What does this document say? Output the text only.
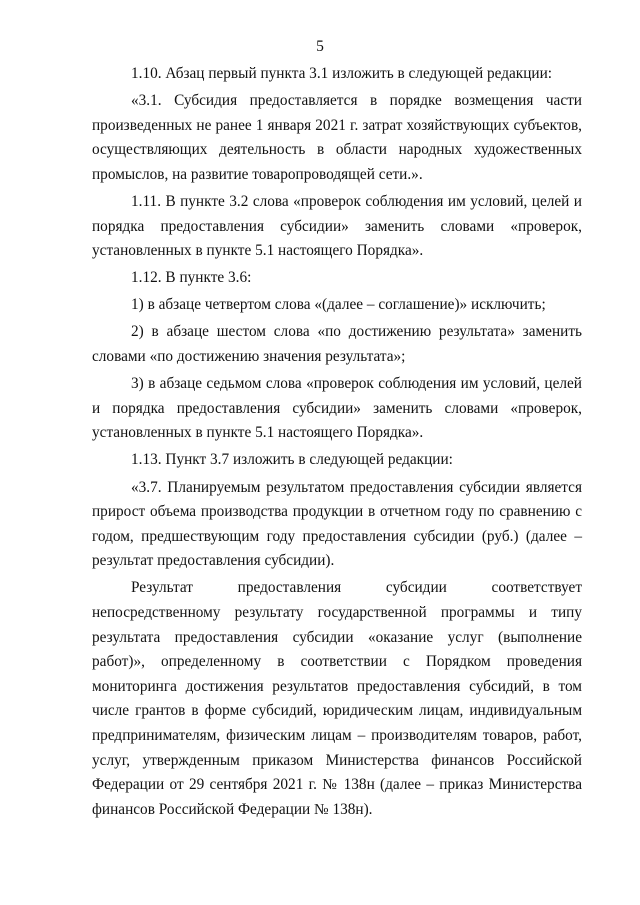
5

1.10. Абзац первый пункта 3.1 изложить в следующей редакции:

«3.1. Субсидия предоставляется в порядке возмещения части произведенных не ранее 1 января 2021 г. затрат хозяйствующих субъектов, осуществляющих деятельность в области народных художественных промыслов, на развитие товаропроводящей сети.».

1.11. В пункте 3.2 слова «проверок соблюдения им условий, целей и порядка предоставления субсидии» заменить словами «проверок, установленных в пункте 5.1 настоящего Порядка».

1.12. В пункте 3.6:

1) в абзаце четвертом слова «(далее – соглашение)» исключить;

2) в абзаце шестом слова «по достижению результата» заменить словами «по достижению значения результата»;

3) в абзаце седьмом слова «проверок соблюдения им условий, целей и порядка предоставления субсидии» заменить словами «проверок, установленных в пункте 5.1 настоящего Порядка».

1.13. Пункт 3.7 изложить в следующей редакции:

«3.7. Планируемым результатом предоставления субсидии является прирост объема производства продукции в отчетном году по сравнению с годом, предшествующим году предоставления субсидии (руб.) (далее – результат предоставления субсидии).

Результат предоставления субсидии соответствует непосредственному результату государственной программы и типу результата предоставления субсидии «оказание услуг (выполнение работ)», определенному в соответствии с Порядком проведения мониторинга достижения результатов предоставления субсидий, в том числе грантов в форме субсидий, юридическим лицам, индивидуальным предпринимателям, физическим лицам – производителям товаров, работ, услуг, утвержденным приказом Министерства финансов Российской Федерации от 29 сентября 2021 г. № 138н (далее – приказ Министерства финансов Российской Федерации № 138н).
